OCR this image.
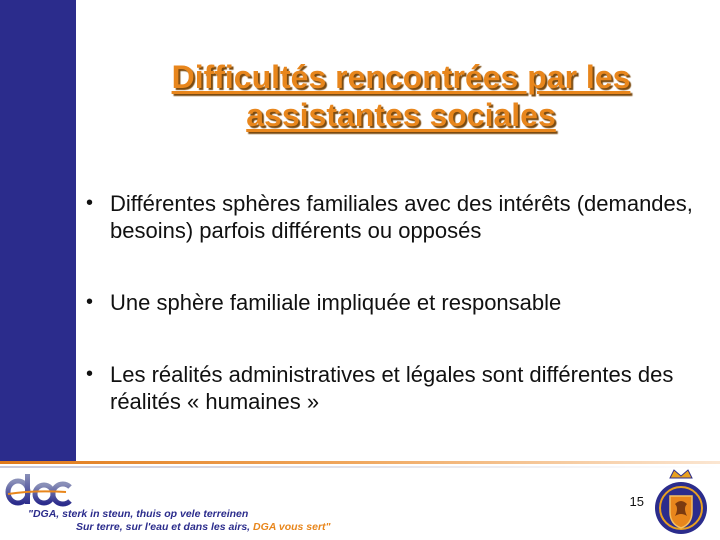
Difficultés rencontrées par les assistantes sociales
• Différentes sphères familiales avec des intérêts (demandes, besoins) parfois différents ou opposés
• Une sphère familiale impliquée et responsable
• Les réalités administratives et légales sont différentes des réalités « humaines »
"DGA, sterk in steun, thuis op vele terreinen
Sur terre, sur l'eau et dans les airs, DGA vous sert"
15
